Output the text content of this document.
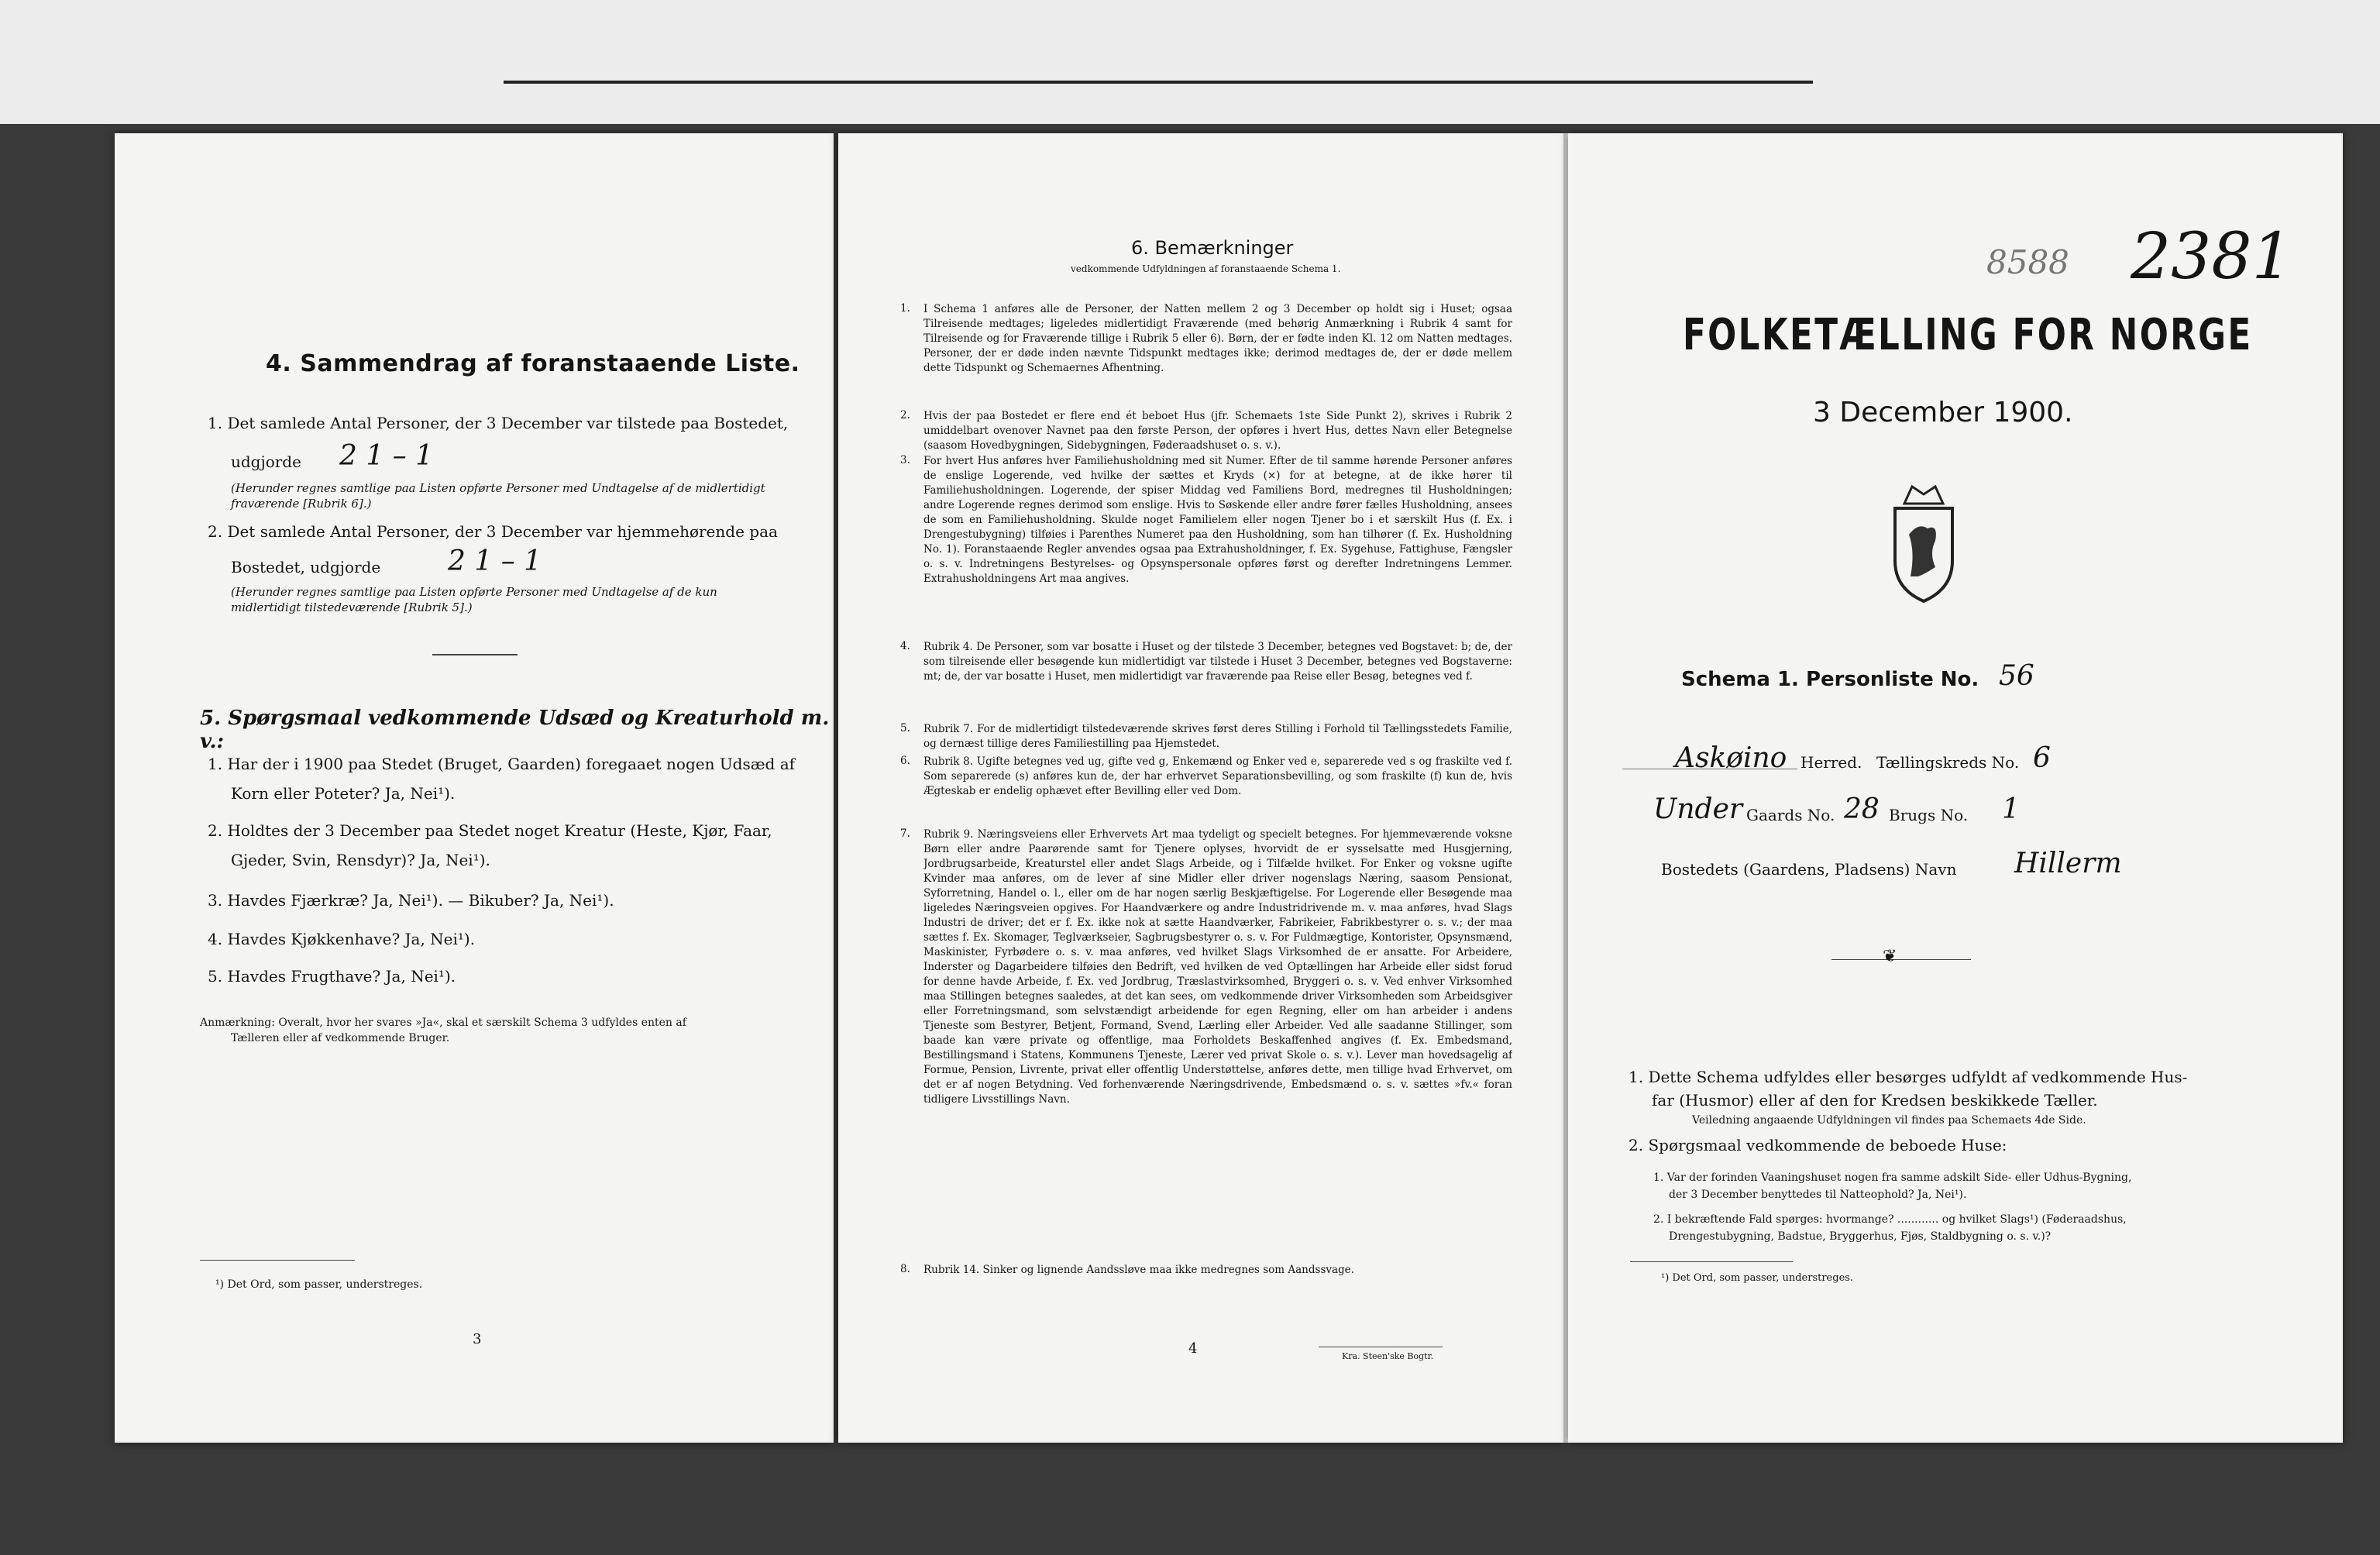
4. Sammendrag af foranstaaende Liste.
1. Det samlede Antal Personer, der 3 December var tilstede paa Bostedet,
udgjorde 2 1 – 1
(Herunder regnes samtlige paa Listen opførte Personer med Undtagelse af de midlertidigt
fraværende [Rubrik 6].)
2. Det samlede Antal Personer, der 3 December var hjemmehørende paa
Bostedet, udgjorde 2 1 – 1
(Herunder regnes samtlige paa Listen opførte Personer med Undtagelse af de kun
midlertidigt tilstedeværende [Rubrik 5].)
5. Spørgsmaal vedkommende Udsæd og Kreaturhold m. v.:
1. Har der i 1900 paa Stedet (Bruget, Gaarden) foregaaet nogen Udsæd af
Korn eller Poteter? Ja, Nei¹).
2. Holdtes der 3 December paa Stedet noget Kreatur (Heste, Kjør, Faar,
Gjeder, Svin, Rensdyr)? Ja, Nei¹).
3. Havdes Fjærkræ? Ja, Nei¹). — Bikuber? Ja, Nei¹).
4. Havdes Kjøkkenhave? Ja, Nei¹).
5. Havdes Frugthave? Ja, Nei¹).
Anmærkning: Overalt, hvor her svares »Ja«, skal et særskilt Schema 3 udfyldes enten af
Tælleren eller af vedkommende Bruger.
¹) Det Ord, som passer, understreges.
3
6. Bemærkninger
vedkommende Udfyldningen af foranstaaende Schema 1.
1. I Schema 1 anføres alle de Personer, der Natten mellem 2 og 3 December op holdt sig i Huset; ogsaa Tilreisende medtages; ligeledes midlertidigt Fraværende (med behørig Anmærkning i Rubrik 4 samt for Tilreisende og for Fraværende tillige i Rubrik 5 eller 6). Børn, der er fødte inden Kl. 12 om Natten medtages. Personer, der er døde inden nævnte Tidspunkt medtages ikke; derimod medtages de, der er døde mellem dette Tidspunkt og Schemaernes Afhentning.
2. Hvis der paa Bostedet er flere end ét beboet Hus (jfr. Schemaets 1ste Side Punkt 2), skrives i Rubrik 2 umiddelbart ovenover Navnet paa den første Person, der opføres i hvert Hus, dettes Navn eller Betegnelse (saasom Hovedbygningen, Sidebygningen, Føderaadshuset o. s. v.).
3. For hvert Hus anføres hver Familiehusholdning med sit Numer. Efter de til samme hørende Personer anføres de enslige Logerende, ved hvilke der sættes et Kryds (×) for at betegne, at de ikke hører til Familiehusholdningen. Logerende, der spiser Middag ved Familiens Bord, medregnes til Husholdningen; andre Logerende regnes derimod som enslige. Hvis to Søskende eller andre fører fælles Husholdning, ansees de som en Familiehusholdning. Skulde noget Familielem eller nogen Tjener bo i et særskilt Hus (f. Ex. i Drengestubygning) tilføies i Parenthes Numeret paa den Husholdning, som han tilhører (f. Ex. Husholdning No. 1). Foranstaaende Regler anvendes ogsaa paa Extrahusholdninger, f. Ex. Sygehuse, Fattighuse, Fængsler o. s. v. Indretningens Bestyrelses- og Opsynspersonale opføres først og derefter Indretningens Lemmer. Extrahusholdningens Art maa angives.
4. Rubrik 4. De Personer, som var bosatte i Huset og der tilstede 3 December, betegnes ved Bogstavet: b; de, der som tilreisende eller besøgende kun midlertidigt var tilstede i Huset 3 December, betegnes ved Bogstaverne: mt; de, der var bosatte i Huset, men midlertidigt var fraværende paa Reise eller Besøg, betegnes ved f.
5. Rubrik 7. For de midlertidigt tilstedeværende skrives først deres Stilling i Forhold til Tællingsstedets Familie, og dernæst tillige deres Familiestilling paa Hjemstedet.
6. Rubrik 8. Ugifte betegnes ved ug, gifte ved g, Enkemænd og Enker ved e, separerede ved s og fraskilte ved f. Som separerede (s) anføres kun de, der har erhvervet Separationsbevilling, og som fraskilte (f) kun de, hvis Ægteskab er endelig ophævet efter Bevilling eller ved Dom.
7. Rubrik 9. Næringsveiens eller Erhvervets Art maa tydeligt og specielt betegnes. For hjemmeværende voksne Børn eller andre Paarørende samt for Tjenere oplyses, hvorvidt de er sysselsatte med Husgjerning, Jordbrugsarbeide, Kreaturstel eller andet Slags Arbeide, og i Tilfælde hvilket. For Enker og voksne ugifte Kvinder maa anføres, om de lever af sine Midler eller driver nogenslags Næring, saasom Pensionat, Syforretning, Handel o. l., eller om de har nogen særlig Beskjæftigelse. For Logerende eller Besøgende maa ligeledes Næringsveien opgives. For Haandværkere og andre Industridrivende m. v. maa anføres, hvad Slags Industri de driver; det er f. Ex. ikke nok at sætte Haandværker, Fabrikeier, Fabrikbestyrer o. s. v.; der maa sættes f. Ex. Skomager, Teglværkseier, Sagbrugsbestyrer o. s. v. For Fuldmægtige, Kontorister, Opsynsmænd, Maskinister, Fyrbødere o. s. v. maa anføres, ved hvilket Slags Virksomhed de er ansatte. For Arbeidere, Inderster og Dagarbeidere tilføies den Bedrift, ved hvilken de ved Optællingen har Arbeide eller sidst forud for denne havde Arbeide, f. Ex. ved Jordbrug, Træslastvirksomhed, Bryggeri o. s. v. Ved enhver Virksomhed maa Stillingen betegnes saaledes, at det kan sees, om vedkommende driver Virksomheden som Arbeidsgiver eller Forretningsmand, som selvstændigt arbeidende for egen Regning, eller om han arbeider i andens Tjeneste som Bestyrer, Betjent, Formand, Svend, Lærling eller Arbeider. Ved alle saadanne Stillinger, som baade kan være private og offentlige, maa Forholdets Beskaffenhed angives (f. Ex. Embedsmand, Bestillingsmand i Statens, Kommunens Tjeneste, Lærer ved privat Skole o. s. v.). Lever man hovedsagelig af Formue, Pension, Livrente, privat eller offentlig Understøttelse, anføres dette, men tillige hvad Erhvervet, om det er af nogen Betydning. Ved forhenværende Næringsdrivende, Embedsmænd o. s. v. sættes »fv.« foran tidligere Livsstillings Navn.
8. Rubrik 14. Sinker og lignende Aandssløve maa ikke medregnes som Aandssvage.
4	Kra. Steen'ske Bogtr.
8588 2381
FOLKETÆLLING FOR NORGE
3 December 1900.
Schema 1. Personliste No. 56
Askøino Herred. Tællingskreds No. 6
Under Gaards No. 28 Brugs No. 1
Bostedets (Gaardens, Pladsens) Navn Hillerm
❦
1. Dette Schema udfyldes eller besørges udfyldt af vedkommende Hus-
far (Husmor) eller af den for Kredsen beskikkede Tæller.
Veiledning angaaende Udfyldningen vil findes paa Schemaets 4de Side.
2. Spørgsmaal vedkommende de beboede Huse:
1. Var der forinden Vaaningshuset nogen fra samme adskilt Side- eller Udhus-Bygning,
der 3 December benyttedes til Natteophold? Ja, Nei¹).
2. I bekræftende Fald spørges: hvormange? ............ og hvilket Slags¹) (Føderaadshus,
Drengestubygning, Badstue, Bryggerhus, Fjøs, Staldbygning o. s. v.)?
¹) Det Ord, som passer, understreges.
